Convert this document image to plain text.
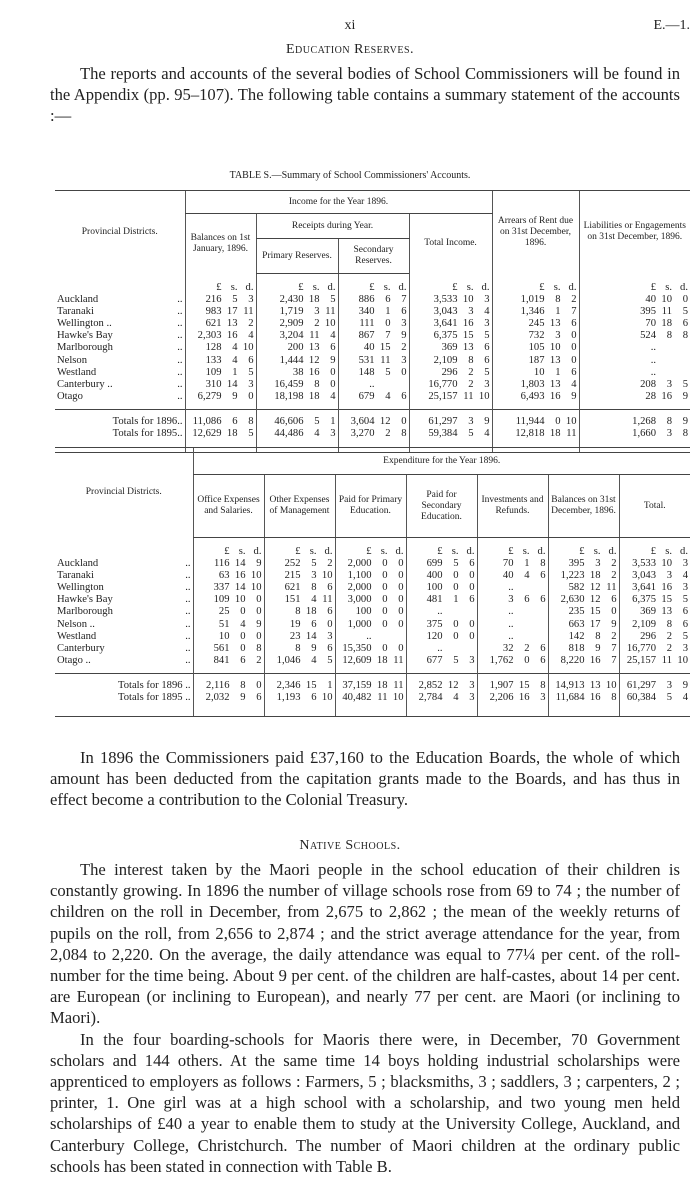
xi	E.—1.
Education Reserves.

The reports and accounts of the several bodies of School Commissioners will be found in the Appendix (pp. 95–107). The following table contains a summary statement of the accounts :—

TABLE S.—Summary of School Commissioners' Accounts.
Provincial Districts.	Income for the Year 1896.				Arrears of Rent due on 31st December, 1896.	Liabilities or Engagements on 31st December, 1896.
	Balances on 1st January, 1896.	Receipts during Year.		Total Income.		
		Primary Reserves.	Secondary Reserves.			
	£ s. d.	£ s. d.	£ s. d.	£ s. d.	£ s. d.	£ s. d.
Auckland ..	216 5 3	2,430 18 5	886 6 7	3,533 10 3	1,019 8 2	40 10 0
Taranaki ..	983 17 11	1,719 3 11	340 1 6	3,043 3 4	1,346 1 7	395 11 5
Wellington .. ..	621 13 2	2,909 2 10	111 0 3	3,641 16 3	245 13 6	70 18 6
Hawke's Bay ..	2,303 16 4	3,204 11 4	867 7 9	6,375 15 5	732 3 0	524 8 8
Marlborough ..	128 4 10	200 13 6	40 15 2	369 13 6	105 10 0	..
Nelson ..	133 4 6	1,444 12 9	531 11 3	2,109 8 6	187 13 0	..
Westland ..	109 1 5	38 16 0	148 5 0	296 2 5	10 1 6	..
Canterbury .. ..	310 14 3	16,459 8 0	..	16,770 2 3	1,803 13 4	208 3 5
Otago ..	6,279 9 0	18,198 18 4	679 4 6	25,157 11 10	6,493 16 9	28 16 9
Totals for 1896..	11,086 6 8	46,606 5 1	3,604 12 0	61,297 3 9	11,944 0 10	1,268 8 9
Totals for 1895..	12,629 18 5	44,486 4 3	3,270 2 8	59,384 5 4	12,818 18 11	1,660 3 8
Provincial Districts.	Expenditure for the Year 1896.						
	Office Expenses and Salaries.	Other Expenses of Management	Paid for Primary Education.	Paid for Secondary Education.	Investments and Refunds.	Balances on 31st December, 1896.	Total.
	£ s. d.	£ s. d.	£ s. d.	£ s. d.	£ s. d.	£ s. d.	£ s. d.
Auckland ..	116 14 9	252 5 2	2,000 0 0	699 5 6	70 1 8	395 3 2	3,533 10 3
Taranaki ..	63 16 10	215 3 10	1,100 0 0	400 0 0	40 4 6	1,223 18 2	3,043 3 4
Wellington ..	337 14 10	621 8 6	2,000 0 0	100 0 0	..	582 12 11	3,641 16 3
Hawke's Bay ..	109 10 0	151 4 11	3,000 0 0	481 1 6	3 6 6	2,630 12 6	6,375 15 5
Marlborough ..	25 0 0	8 18 6	100 0 0	..	..	235 15 0	369 13 6
Nelson .. ..	51 4 9	19 6 0	1,000 0 0	375 0 0	..	663 17 9	2,109 8 6
Westland ..	10 0 0	23 14 3	..	120 0 0	..	142 8 2	296 2 5
Canterbury ..	561 0 8	8 9 6	15,350 0 0	..	32 2 6	818 9 7	16,770 2 3
Otago .. ..	841 6 2	1,046 4 5	12,609 18 11	677 5 3	1,762 0 6	8,220 16 7	25,157 11 10
Totals for 1896 ..	2,116 8 0	2,346 15 1	37,159 18 11	2,852 12 3	1,907 15 8	14,913 13 10	61,297 3 9
Totals for 1895 ..	2,032 9 6	1,193 6 10	40,482 11 10	2,784 4 3	2,206 16 3	11,684 16 8	60,384 5 4

In 1896 the Commissioners paid £37,160 to the Education Boards, the whole of which amount has been deducted from the capitation grants made to the Boards, and has thus in effect become a contribution to the Colonial Treasury.

Native Schools.

The interest taken by the Maori people in the school education of their children is constantly growing. In 1896 the number of village schools rose from 69 to 74 ; the number of children on the roll in December, from 2,675 to 2,862 ; the mean of the weekly returns of pupils on the roll, from 2,656 to 2,874 ; and the strict average attendance for the year, from 2,084 to 2,220. On the average, the daily attendance was equal to 77¼ per cent. of the roll-number for the time being. About 9 per cent. of the children are half-castes, about 14 per cent. are European (or inclining to European), and nearly 77 per cent. are Maori (or inclining to Maori).

In the four boarding-schools for Maoris there were, in December, 70 Government scholars and 144 others. At the same time 14 boys holding industrial scholarships were apprenticed to employers as follows : Farmers, 5 ; blacksmiths, 3 ; saddlers, 3 ; carpenters, 2 ; printer, 1. One girl was at a high school with a scholarship, and two young men held scholarships of £40 a year to enable them to study at the University College, Auckland, and Canterbury College, Christchurch. The number of Maori children at the ordinary public schools has been stated in connection with Table B.
